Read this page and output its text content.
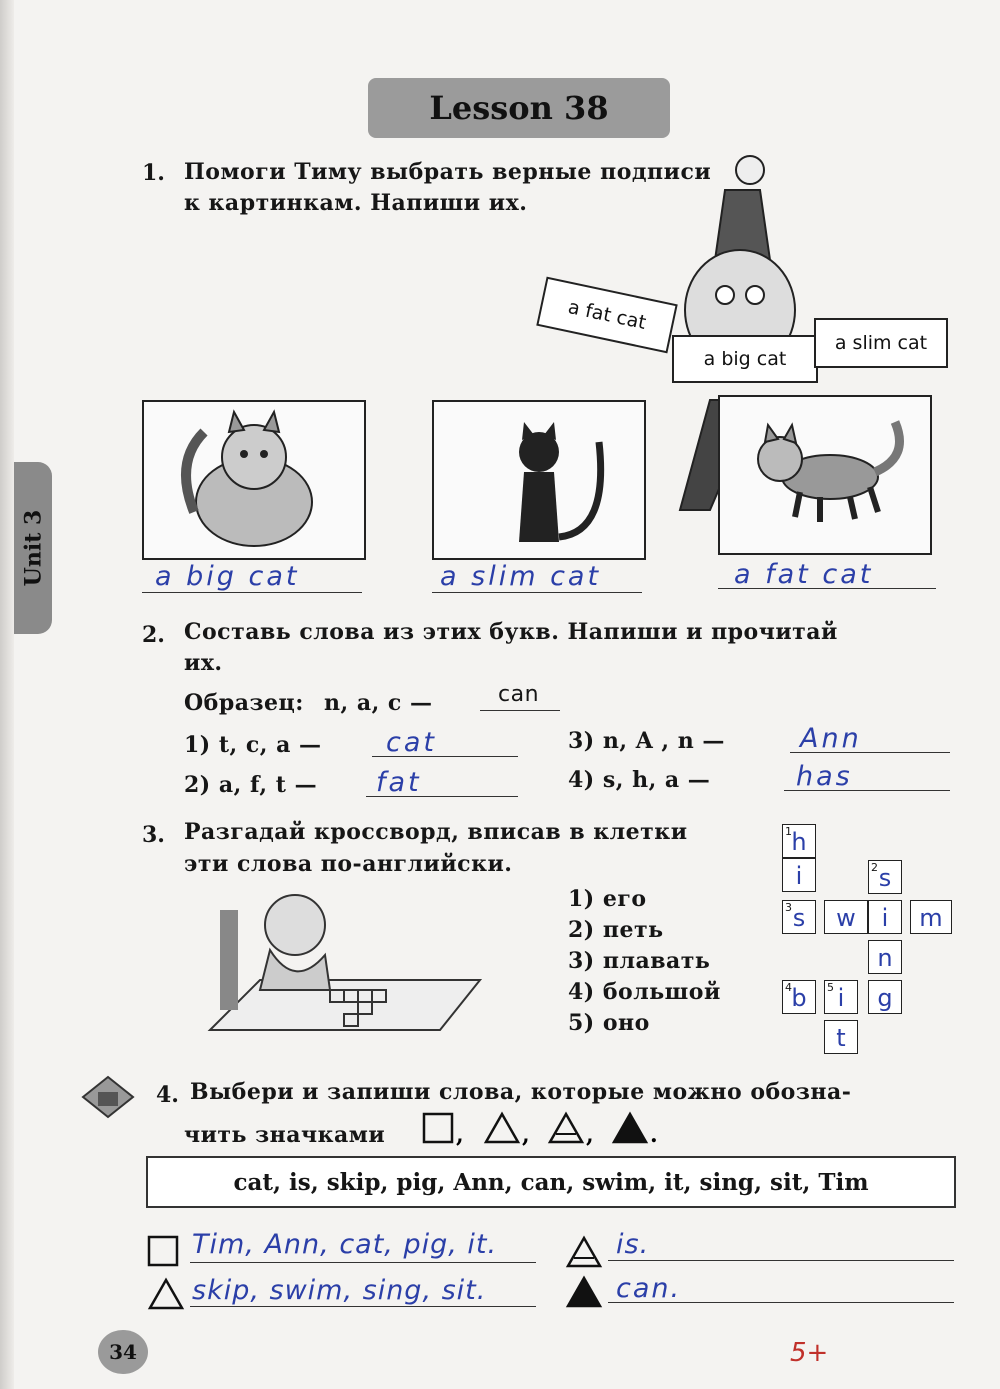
Unit 3
Lesson 38
1. Помоги Тиму выбрать верные подписи
к картинкам. Напиши их.
a fat cat
a big cat
a slim cat
a big cat	a slim cat	a fat cat
2. Составь слова из этих букв. Напиши и прочитай
их.
Образец: n, a, c —	can
1) t, c, a — cat
2) a, f, t — fat
3) n, A , n —	Ann
4) s, h, a —	has
3. Разгадай кроссворд, вписав в клетки
эти слова по-английски.
1) его
2) петь
3) плавать
4) большой
5) оно
1 h
i	2 s
3 s	w	i	m
n
4 b	5 i	g
t
4. Выбери и запиши слова, которые можно обозна-
чить значками	,	,	,	.
cat, is, skip, pig, Ann, can, swim, it, sing, sit, Tim
Tim, Ann, cat, pig, it.	is.
skip, swim, sing, sit.	can.
34	5+
